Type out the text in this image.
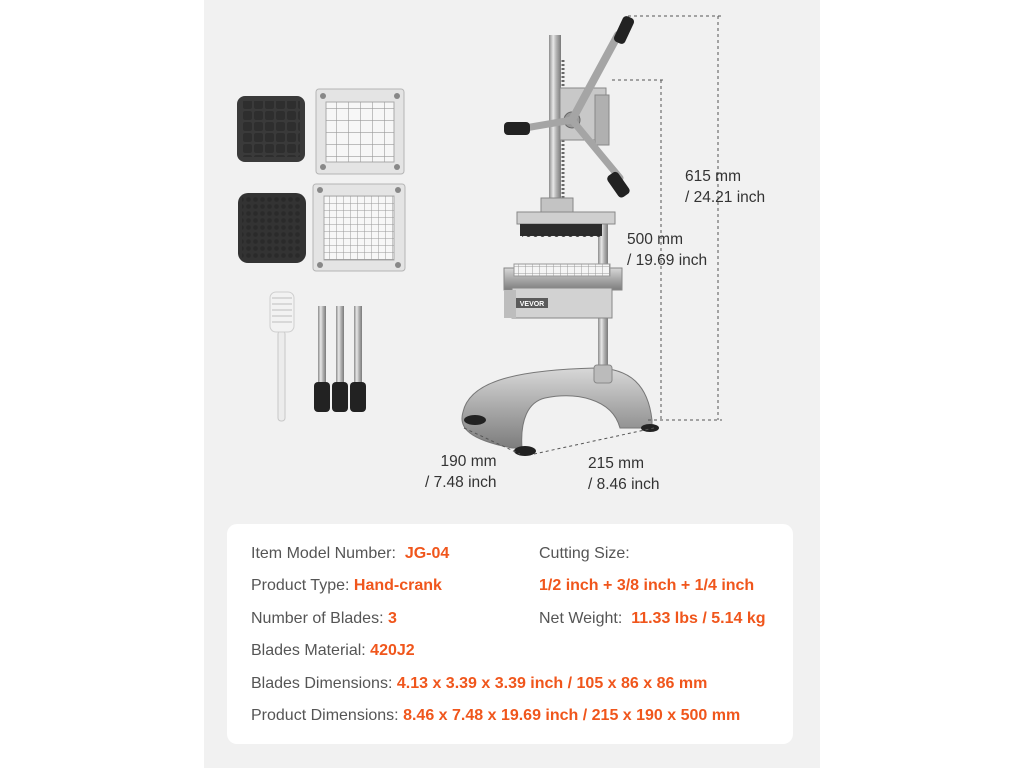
VEVOR
615 mm
/ 24.21 inch
500 mm
/ 19.69 inch
190 mm
/ 7.48 inch
215 mm
/ 8.46 inch
Item Model Number: JG-04
Product Type: Hand-crank
Number of Blades: 3
Blades Material: 420J2
Blades Dimensions: 4.13 x 3.39 x 3.39 inch / 105 x 86 x 86 mm
Product Dimensions: 8.46 x 7.48 x 19.69 inch / 215 x 190 x 500 mm
Cutting Size:
1/2 inch + 3/8 inch + 1/4 inch
Net Weight: 11.33 lbs / 5.14 kg
